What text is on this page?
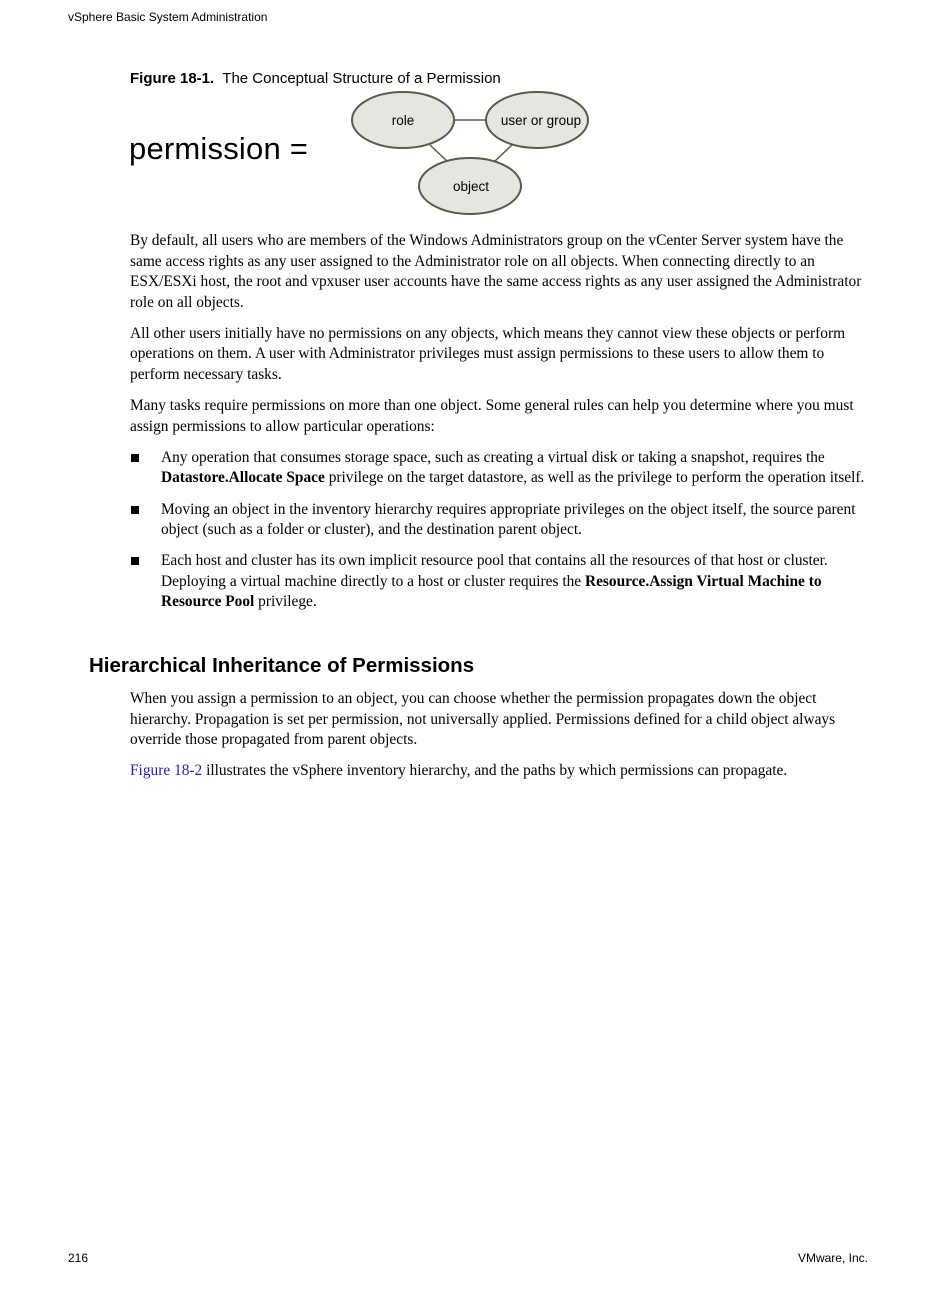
vSphere Basic System Administration
Figure 18-1. The Conceptual Structure of a Permission
permission =
role	user or group
object

By default, all users who are members of the Windows Administrators group on the vCenter Server system have the same access rights as any user assigned to the Administrator role on all objects. When connecting directly to an ESX/ESXi host, the root and vpxuser user accounts have the same access rights as any user assigned the Administrator role on all objects.

All other users initially have no permissions on any objects, which means they cannot view these objects or perform operations on them. A user with Administrator privileges must assign permissions to these users to allow them to perform necessary tasks.

Many tasks require permissions on more than one object. Some general rules can help you determine where you must assign permissions to allow particular operations:

Any operation that consumes storage space, such as creating a virtual disk or taking a snapshot, requires the Datastore.Allocate Space privilege on the target datastore, as well as the privilege to perform the operation itself.
Moving an object in the inventory hierarchy requires appropriate privileges on the object itself, the source parent object (such as a folder or cluster), and the destination parent object.
Each host and cluster has its own implicit resource pool that contains all the resources of that host or cluster. Deploying a virtual machine directly to a host or cluster requires the Resource.Assign Virtual Machine to Resource Pool privilege.
Hierarchical Inheritance of Permissions

When you assign a permission to an object, you can choose whether the permission propagates down the object hierarchy. Propagation is set per permission, not universally applied. Permissions defined for a child object always override those propagated from parent objects.

Figure 18-2 illustrates the vSphere inventory hierarchy, and the paths by which permissions can propagate.

216	VMware, Inc.
